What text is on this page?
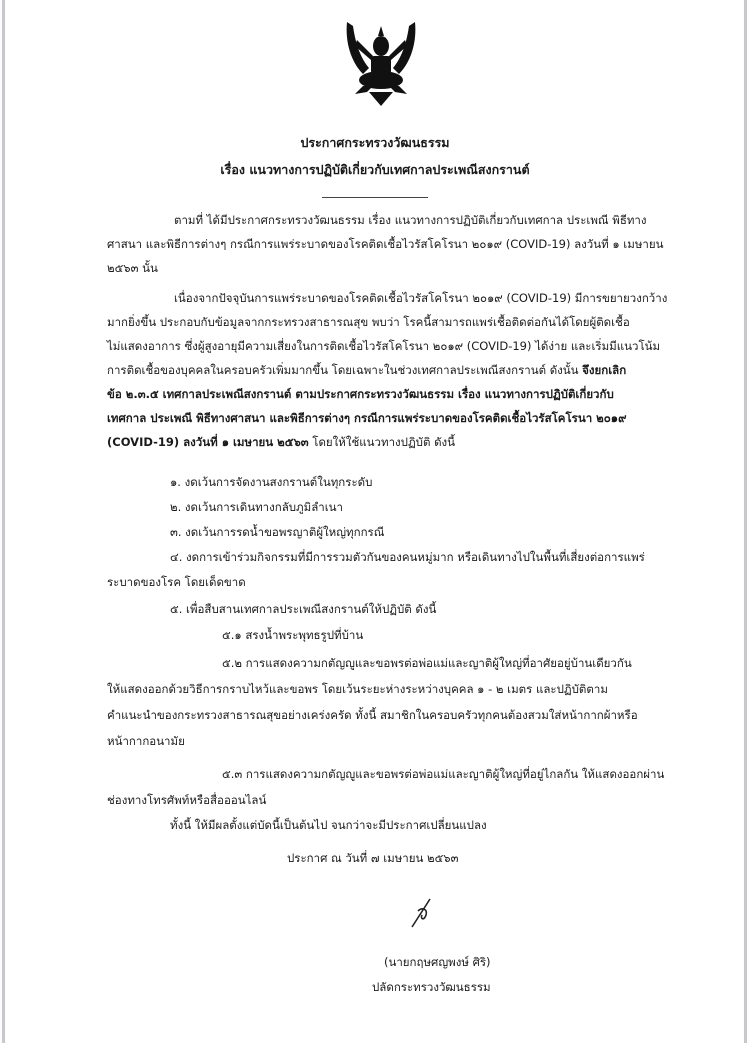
ประกาศกระทรวงวัฒนธรรม
เรื่อง แนวทางการปฏิบัติเกี่ยวกับเทศกาลประเพณีสงกรานต์
ตามที่ ได้มีประกาศกระทรวงวัฒนธรรม เรื่อง แนวทางการปฏิบัติเกี่ยวกับเทศกาล ประเพณี พิธีทาง
ศาสนา และพิธีการต่างๆ กรณีการแพร่ระบาดของโรคติดเชื้อไวรัสโคโรนา ๒๐๑๙ (COVID-19) ลงวันที่ ๑ เมษายน
๒๕๖๓ นั้น
เนื่องจากปัจจุบันการแพร่ระบาดของโรคติดเชื้อไวรัสโคโรนา ๒๐๑๙ (COVID-19) มีการขยายวงกว้าง
มากยิ่งขึ้น ประกอบกับข้อมูลจากกระทรวงสาธารณสุข พบว่า โรคนี้สามารถแพร่เชื้อติดต่อกันได้โดยผู้ติดเชื้อ
ไม่แสดงอาการ ซึ่งผู้สูงอายุมีความเสี่ยงในการติดเชื้อไวรัสโคโรนา ๒๐๑๙ (COVID-19) ได้ง่าย และเริ่มมีแนวโน้ม
การติดเชื้อของบุคคลในครอบครัวเพิ่มมากขึ้น โดยเฉพาะในช่วงเทศกาลประเพณีสงกรานต์ ดังนั้น จึงยกเลิก
ข้อ ๒.๓.๕ เทศกาลประเพณีสงกรานต์ ตามประกาศกระทรวงวัฒนธรรม เรื่อง แนวทางการปฏิบัติเกี่ยวกับ
เทศกาล ประเพณี พิธีทางศาสนา และพิธีการต่างๆ กรณีการแพร่ระบาดของโรคติดเชื้อไวรัสโคโรนา ๒๐๑๙
(COVID-19) ลงวันที่ ๑ เมษายน ๒๕๖๓ โดยให้ใช้แนวทางปฏิบัติ ดังนี้
๑. งดเว้นการจัดงานสงกรานต์ในทุกระดับ
๒. งดเว้นการเดินทางกลับภูมิลำเนา
๓. งดเว้นการรดน้ำขอพรญาติผู้ใหญ่ทุกกรณี
๔. งดการเข้าร่วมกิจกรรมที่มีการรวมตัวกันของคนหมู่มาก หรือเดินทางไปในพื้นที่เสี่ยงต่อการแพร่
ระบาดของโรค โดยเด็ดขาด
๕. เพื่อสืบสานเทศกาลประเพณีสงกรานต์ให้ปฏิบัติ ดังนี้
๕.๑ สรงน้ำพระพุทธรูปที่บ้าน
๕.๒ การแสดงความกตัญญูและขอพรต่อพ่อแม่และญาติผู้ใหญ่ที่อาศัยอยู่บ้านเดียวกัน
ให้แสดงออกด้วยวิธีการกราบไหว้และขอพร โดยเว้นระยะห่างระหว่างบุคคล ๑ - ๒ เมตร และปฏิบัติตาม
คำแนะนำของกระทรวงสาธารณสุขอย่างเคร่งครัด ทั้งนี้ สมาชิกในครอบครัวทุกคนต้องสวมใส่หน้ากากผ้าหรือ
หน้ากากอนามัย
๕.๓ การแสดงความกตัญญูและขอพรต่อพ่อแม่และญาติผู้ใหญ่ที่อยู่ไกลกัน ให้แสดงออกผ่าน
ช่องทางโทรศัพท์หรือสื่อออนไลน์
ทั้งนี้ ให้มีผลตั้งแต่บัดนี้เป็นต้นไป จนกว่าจะมีประกาศเปลี่ยนแปลง
ประกาศ ณ วันที่ ๗ เมษายน ๒๕๖๓
(นายกฤษศญพงษ์ ศิริ)
ปลัดกระทรวงวัฒนธรรม
